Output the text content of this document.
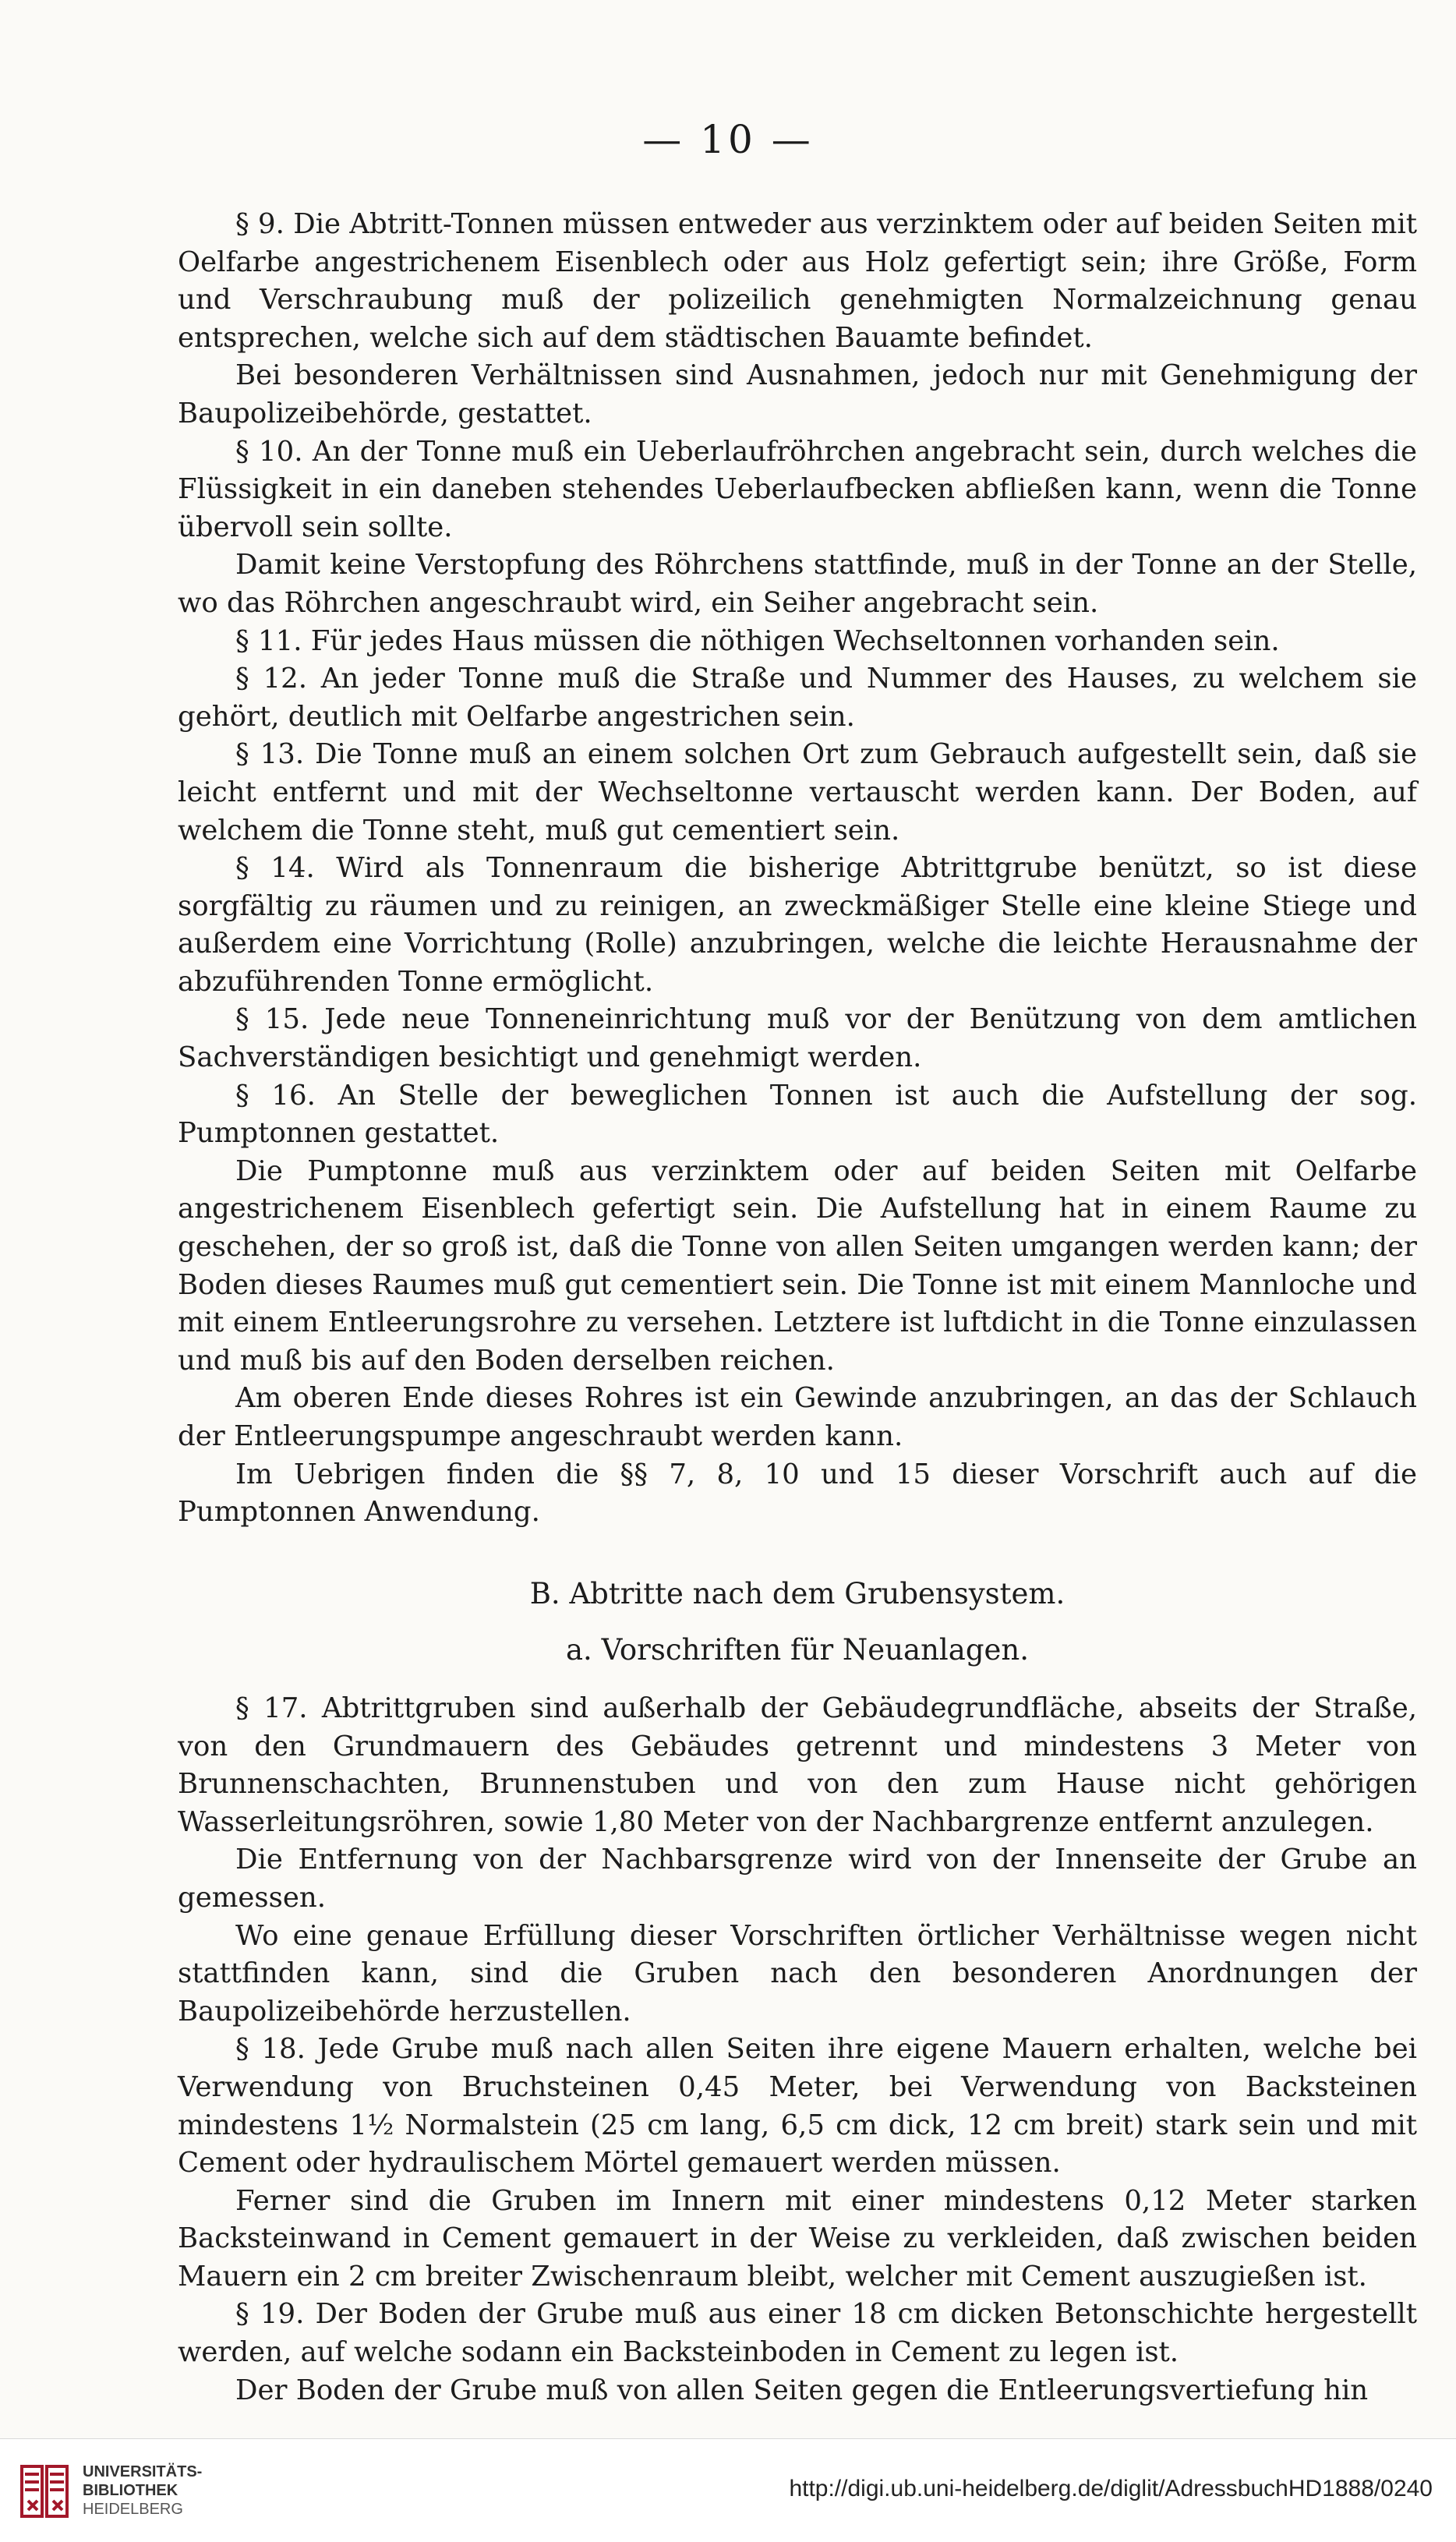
— 10 —

§ 9. Die Abtritt-Tonnen müssen entweder aus verzinktem oder auf beiden Seiten mit Oelfarbe angestrichenem Eisenblech oder aus Holz gefertigt sein; ihre Größe, Form und Verschraubung muß der polizeilich genehmigten Normalzeichnung genau entsprechen, welche sich auf dem städtischen Bauamte befindet.

Bei besonderen Verhältnissen sind Ausnahmen, jedoch nur mit Genehmigung der Baupolizeibehörde, gestattet.

§ 10. An der Tonne muß ein Ueberlaufröhrchen angebracht sein, durch welches die Flüssigkeit in ein daneben stehendes Ueberlaufbecken abfließen kann, wenn die Tonne übervoll sein sollte.

Damit keine Verstopfung des Röhrchens stattfinde, muß in der Tonne an der Stelle, wo das Röhrchen angeschraubt wird, ein Seiher angebracht sein.

§ 11. Für jedes Haus müssen die nöthigen Wechseltonnen vorhanden sein.

§ 12. An jeder Tonne muß die Straße und Nummer des Hauses, zu welchem sie gehört, deutlich mit Oelfarbe angestrichen sein.

§ 13. Die Tonne muß an einem solchen Ort zum Gebrauch aufgestellt sein, daß sie leicht entfernt und mit der Wechseltonne vertauscht werden kann. Der Boden, auf welchem die Tonne steht, muß gut cementiert sein.

§ 14. Wird als Tonnenraum die bisherige Abtrittgrube benützt, so ist diese sorgfältig zu räumen und zu reinigen, an zweckmäßiger Stelle eine kleine Stiege und außerdem eine Vorrichtung (Rolle) anzubringen, welche die leichte Herausnahme der abzuführenden Tonne ermöglicht.

§ 15. Jede neue Tonneneinrichtung muß vor der Benützung von dem amtlichen Sachverständigen besichtigt und genehmigt werden.

§ 16. An Stelle der beweglichen Tonnen ist auch die Aufstellung der sog. Pumptonnen gestattet.

Die Pumptonne muß aus verzinktem oder auf beiden Seiten mit Oelfarbe angestrichenem Eisenblech gefertigt sein. Die Aufstellung hat in einem Raume zu geschehen, der so groß ist, daß die Tonne von allen Seiten umgangen werden kann; der Boden dieses Raumes muß gut cementiert sein. Die Tonne ist mit einem Mannloche und mit einem Entleerungsrohre zu versehen. Letztere ist luftdicht in die Tonne einzulassen und muß bis auf den Boden derselben reichen.

Am oberen Ende dieses Rohres ist ein Gewinde anzubringen, an das der Schlauch der Entleerungspumpe angeschraubt werden kann.

Im Uebrigen finden die §§ 7, 8, 10 und 15 dieser Vorschrift auch auf die Pumptonnen Anwendung.

B. Abtritte nach dem Grubensystem.

a. Vorschriften für Neuanlagen.

§ 17. Abtrittgruben sind außerhalb der Gebäudegrundfläche, abseits der Straße, von den Grundmauern des Gebäudes getrennt und mindestens 3 Meter von Brunnenschachten, Brunnenstuben und von den zum Hause nicht gehörigen Wasserleitungsröhren, sowie 1,80 Meter von der Nachbargrenze entfernt anzulegen.

Die Entfernung von der Nachbarsgrenze wird von der Innenseite der Grube an gemessen.

Wo eine genaue Erfüllung dieser Vorschriften örtlicher Verhältnisse wegen nicht stattfinden kann, sind die Gruben nach den besonderen Anordnungen der Baupolizeibehörde herzustellen.

§ 18. Jede Grube muß nach allen Seiten ihre eigene Mauern erhalten, welche bei Verwendung von Bruchsteinen 0,45 Meter, bei Verwendung von Backsteinen mindestens 1½ Normalstein (25 cm lang, 6,5 cm dick, 12 cm breit) stark sein und mit Cement oder hydraulischem Mörtel gemauert werden müssen.

Ferner sind die Gruben im Innern mit einer mindestens 0,12 Meter starken Backsteinwand in Cement gemauert in der Weise zu verkleiden, daß zwischen beiden Mauern ein 2 cm breiter Zwischenraum bleibt, welcher mit Cement auszugießen ist.

§ 19. Der Boden der Grube muß aus einer 18 cm dicken Betonschichte hergestellt werden, auf welche sodann ein Backsteinboden in Cement zu legen ist.

Der Boden der Grube muß von allen Seiten gegen die Entleerungsvertiefung hin

UNIVERSITÄTS-
BIBLIOTHEK
HEIDELBERG
http://digi.ub.uni-heidelberg.de/diglit/AdressbuchHD1888/0240
